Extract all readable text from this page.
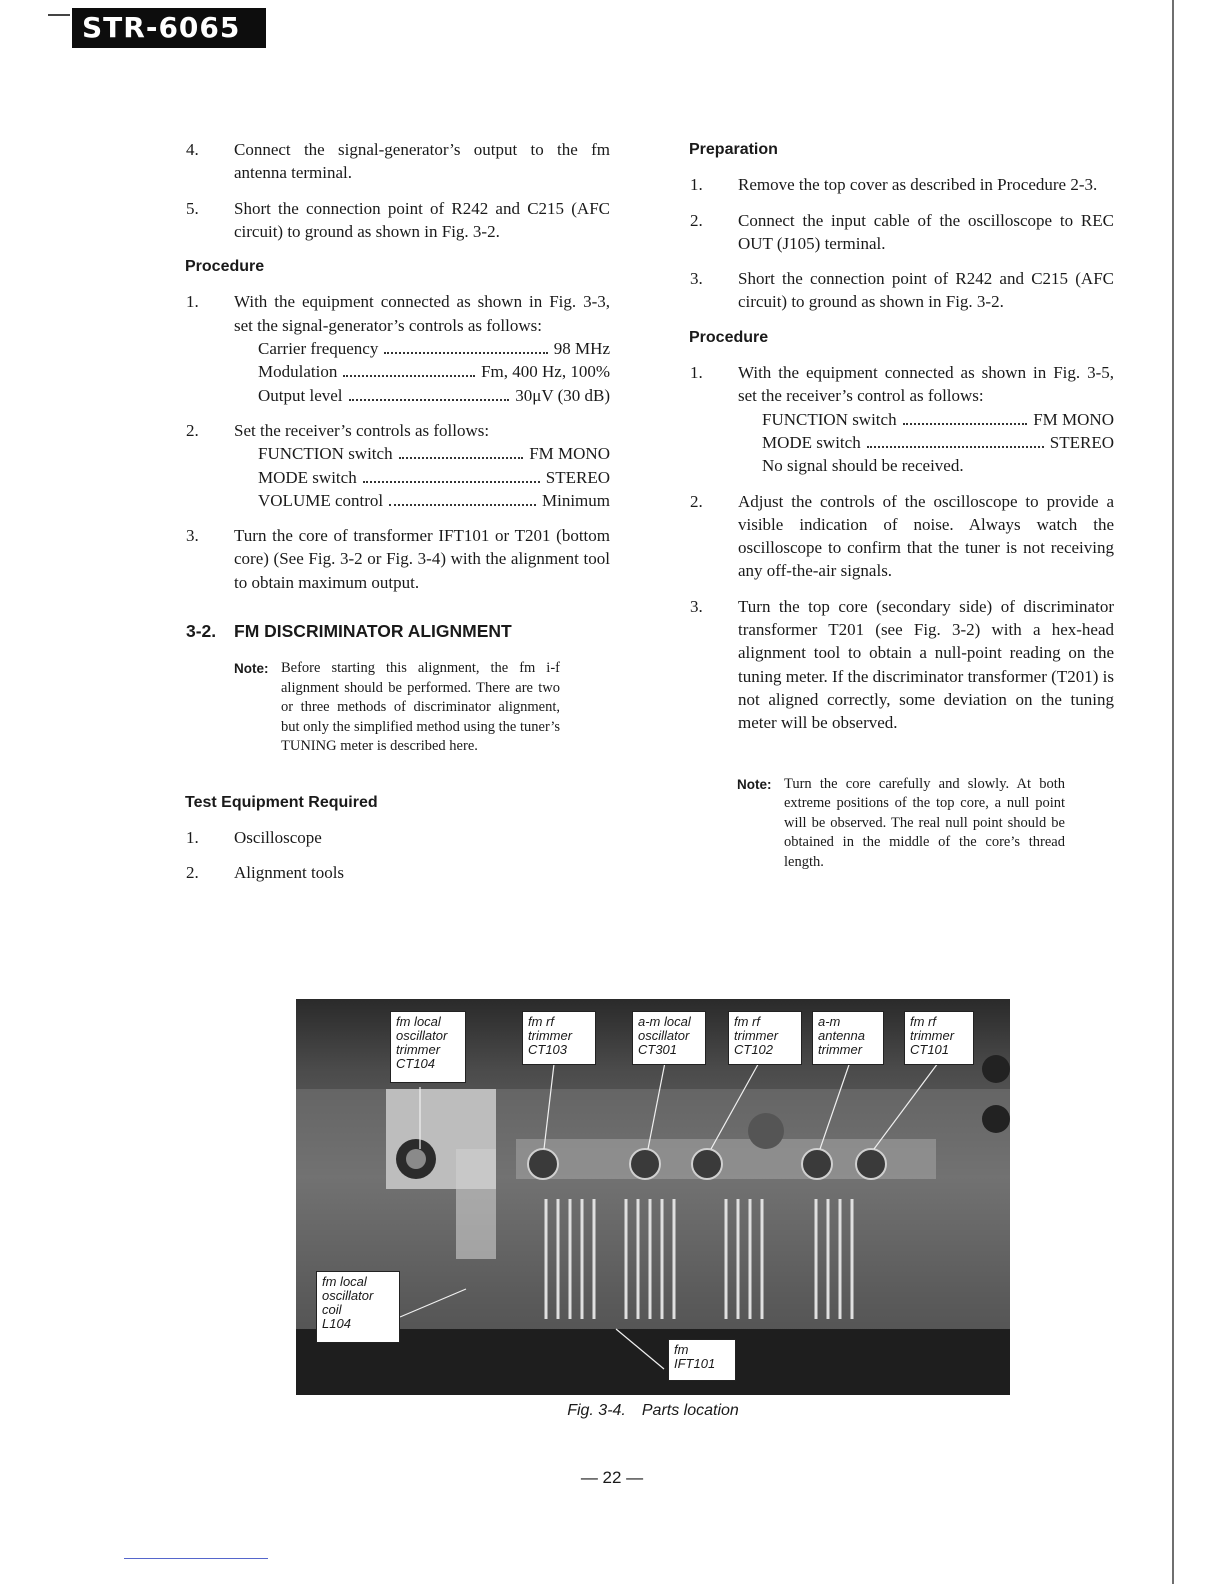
STR-6065
4.	Connect the signal-generator’s output to the fm antenna terminal.
5.	Short the connection point of R242 and C215 (AFC circuit) to ground as shown in Fig. 3-2.
Procedure
1.	With the equipment connected as shown in Fig. 3-3, set the signal-generator’s controls as follows:
Carrier frequency	98 MHz
Modulation	Fm, 400 Hz, 100%
Output level	30μV (30 dB)
2.	Set the receiver’s controls as follows:
FUNCTION switch	FM MONO
MODE switch	STEREO
VOLUME control	Minimum
3.	Turn the core of transformer IFT101 or T201 (bottom core) (See Fig. 3-2 or Fig. 3-4) with the alignment tool to obtain maximum output.
3-2.	FM DISCRIMINATOR ALIGNMENT
Note: Before starting this alignment, the fm i-f alignment should be performed. There are two or three methods of discriminator alignment, but only the simplified method using the tuner’s TUNING meter is described here.
Test Equipment Required
1.	Oscilloscope
2.	Alignment tools
Preparation
1.	Remove the top cover as described in Procedure 2-3.
2.	Connect the input cable of the oscilloscope to REC OUT (J105) terminal.
3.	Short the connection point of R242 and C215 (AFC circuit) to ground as shown in Fig. 3-2.
Procedure
1.	With the equipment connected as shown in Fig. 3-5, set the receiver’s control as follows:
FUNCTION switch	FM MONO
MODE switch	STEREO
No signal should be received.
2.	Adjust the controls of the oscilloscope to provide a visible indication of noise. Always watch the oscilloscope to confirm that the tuner is not receiving any off-the-air signals.
3.	Turn the top core (secondary side) of discriminator transformer T201 (see Fig. 3-2) with a hex-head alignment tool to obtain a null-point reading on the tuning meter. If the discriminator transformer (T201) is not aligned correctly, some deviation on the tuning meter will be observed.
Note: Turn the core carefully and slowly. At both extreme positions of the top core, a null point will be observed. The real null point should be obtained in the middle of the core’s thread length.
fm local
oscillator
trimmer
CT104
fm rf
trimmer
CT103
a-m local
oscillator
CT301
fm rf
trimmer
CT102
a-m
antenna
trimmer
fm rf
trimmer
CT101
fm local
oscillator
coil
L104
fm
IFT101
Fig. 3-4. Parts location
— 22 —
